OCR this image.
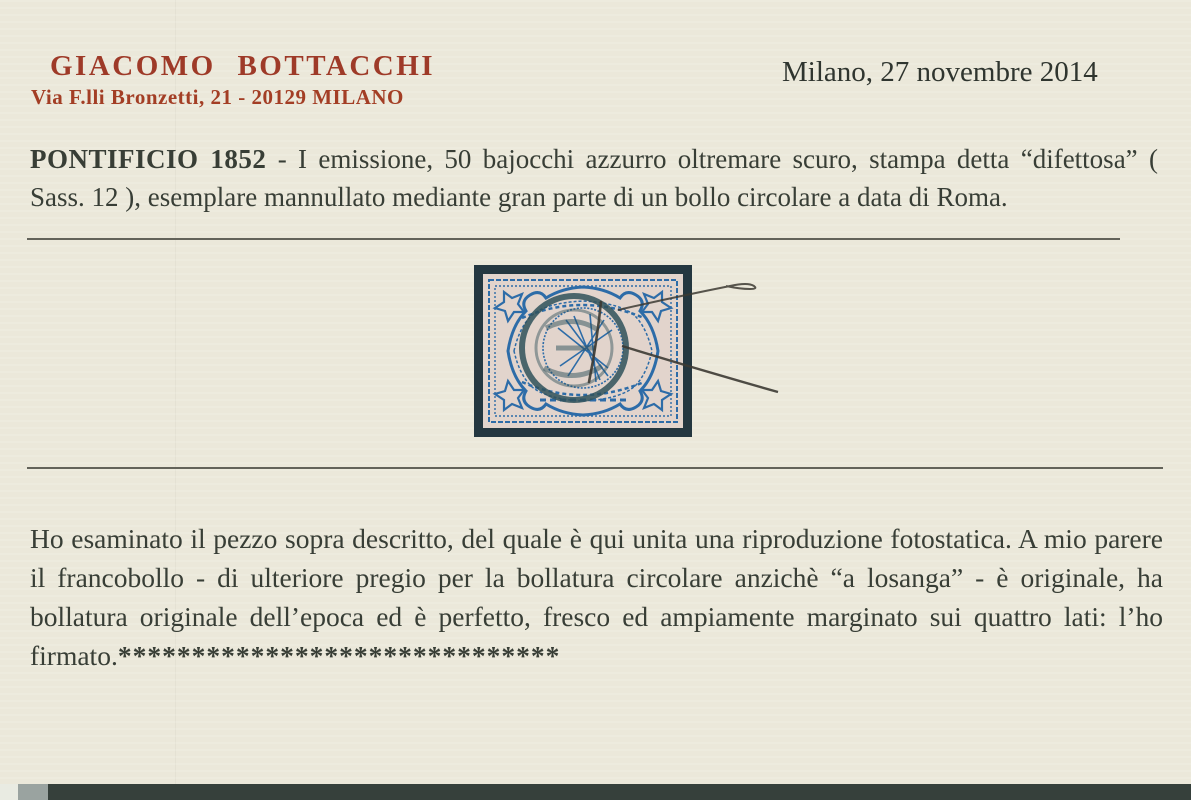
GIACOMO BOTTACCHI
Via F.lli Bronzetti, 21 - 20129 MILANO
Milano, 27 novembre 2014

PONTIFICIO 1852 - I emissione, 50 bajocchi azzurro oltremare scuro, stampa detta “difettosa” ( Sass. 12 ), esemplare mannullato mediante gran parte di un bollo circolare a data di Roma.

Ho esaminato il pezzo sopra descritto, del quale è qui unita una riproduzione fotostatica. A mio parere il francobollo - di ulteriore pregio per la bollatura circolare anzichè “a losanga” - è originale, ha bollatura originale dell’epoca ed è perfetto, fresco ed ampiamente marginato sui quattro lati: l’ho firmato.******************************
